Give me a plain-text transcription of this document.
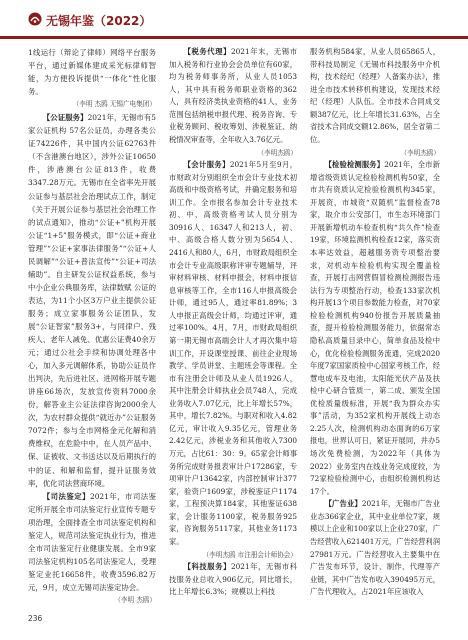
无锡年鉴（2022）

1线运行（辩论了律师）网络平台服务平台，通过新媒体建成采光标律师智能，为方便投诉提供“一体化”性化服务。

（李明 杰鸥 无锡广电集团）

【公证服务】2021年，无锡市有5家公证机构 57名公证员，办理各类公证74226件，其中国内公证62763件（不含港澳台地区），涉外公证10650件，涉港澳台公证813件，收费3347.28万元。无锡市在全省率先开展公证参与基层社会治理试点工作，制定《关于开展公证参与基层社会治理工作的试点通知》，推动“公证+”机构开展公证“1+5”服务模式，即“公证+商业管理”“公证+家事法律服务”“公证+人民调解”“公证+普法宣传”“公证+司法辅助”。自主研发公证权益系统，参与中小企业公典服务库，法律数赋 公证的表达，为11个小区3万户业主提供公证服务；成立家事服务公证团队，发展“公证智家”服务3+，与同律户、残疾人、老年人减免、优惠公证费40余万元；通过公社会手续和协调处理各中心，加入多元调解体系，协助公证员作出判决，先后进社区、进网格开展专题讲座66场次，发放宣传资料7000余份，解答业主公证法律咨询2000余人次，为农村群众提供“就近办”公证服务7072件；参与全市网格金元化解和消费维权，在危险中中，在人员产品中、保、证被收、文书送达以及后期执行的中的证、和解和监督，提升证服务效率，优化司法营商环境。

【司法鉴定】2021年，市司法鉴定所开展全市司法鉴定行业宣传专题专项治理，全面排查全市司法鉴定机构和鉴定人，规范司法鉴定执业行为，推进全市司法鉴定行业健康发展。全市9家司法鉴定机构105名司法鉴定人，受理鉴定业托16658件，收费3596.82万元，9月，成立无锡司法鉴定协会。

（李明 杰鸥）

【税务代理】2021年末，无锡市加入税务和行业协会会员单位有60家，均为税务师事务所，从业人员1053人，其中具有税务师职业资格的362人，具有经济类执业资格的41人，业务范围包括纳税申报代理、税务咨询、专业税务顾问、税收筹划、涉税鉴证、纳税情况审查等，全年收入3.76亿元。

（李明杰鸥）

【会计服务】2021年5月至9月，市财政对分别组织全市会计专业技术初高级和中级资格考试，并确定服务和培训工作。全市报名参加会计专业技术初、中、高级资格考试人员分别为30916人、16347人和213人，初、中、高级合格人数分别为5654人、2416人和80人，6月，市财政局组织全市会计专业高级职称评审专题辅导，评审材料审核、材料申报会，材料申报信息审核等工作，全市116人申报高级会计师，通过95人，通过率81.89%；3人申报正高级会计师，均通过评审，通过率100%。4月，7月，市财政局组织第一期无锡市高端会计人才再次集中培训工作，开设课堂授课、前往企业现场教学、学员讲堂、主题班会等课程。全市有注册会计师及从业人员1926人，其中注册会计师执业会员748人，完成业务收入7.07亿元，比上年增长57%，其中，增长7.82%。与职对和收入4.82亿元，审计收入9.35亿元，管理业务2.42亿元，涉税业务和其他收入7300万元，占比61：30：9。65家会计师事务所完成财务报表审计户17286家，专项审计户13642家，内部控制审计377家，验资户1609家，涉税鉴证户1174家，工程预决算184家，其他鉴证638家，会计服务1100家，税务服务925家，咨询服务5117家，其他业务1173家。

（李明杰鸥 市注册会计师协会）

【科技服务】2021年，无锡市科技服务业总收入906亿元，同比增长，比上年增长6.3%；规模以上科技

服务机构584家，从业人员65865人，带科技局制定《无锡市科技服务中介机构，技术经纪（经理）人备案办法》，推进全市技术转移机构建设，发现技术经纪（经理）人队伍。全市技术合同成交额387亿元，比上年增长31.63%，占全省技术合同成交额12.86%，居全省第二位。

（李明杰鸥）

【检验检测服务】2021年，全市新增省级资质认定检验检测机构50家，全市共有资质认定检验检测机构345家，开展资，市城资“双随机”监督检查78家，取介市公安部门，市生态环境部门开展新增机动车检查机构“共久件”检查19家，环境监测机构检查12家，落实资本率达效益，超越服务资专项整治要求，对机动车检验机构实现全覆盖检查，开展打击网营假冒检测检测报告违法行为专项整治行动，检查133家次机构开展13个项目参数能力检查，对70家检验检测机构940份报告开展质量抽查，提升检验检测服务能力，依据常态隐私高质量目录中心，简单食品及检中心，优化检验检测服务流通，完成2020年度7家国家质检中心国家考核工作，经慧电成车及电池，太阳能光伏产品及扶检中心研合管质一，第二成、颁发全国优检质量级标准，开展“我为群众办实事”活动，为352家机构开展线上动态2.25人次，检测机构动态面询的6万家报电，世界认可日，紧证开展同，并办5场次免费检测，为2022年（具体为2022）业务室内在线业务完成度较，为72家检验检测中心，由组织检测机构达17个。

【广告业】2021年，无锡市广告业业态366家企业，其中业业单位7家，规模以上企业和100家以上企业270家，广告经营收入621401万元，广告经营利润27981万元。广告经营收入主要集中在广告发布环节，设计、制作、代理等产业链，其中广告发布收入390495万元，广告代理收入，占2021年应该收入

236
